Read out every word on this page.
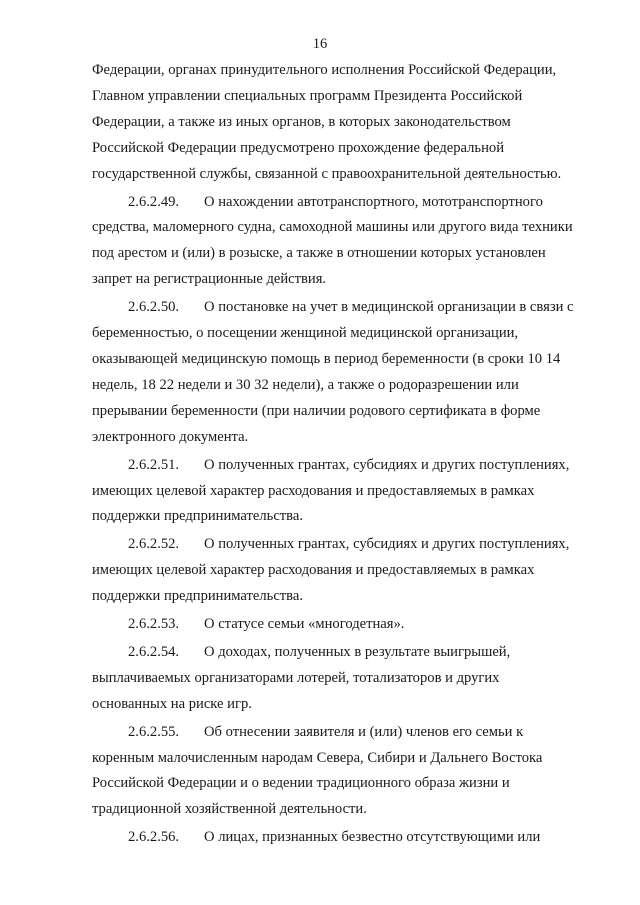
16

Федерации, органах принудительного исполнения Российской Федерации,

Главном управлении специальных программ Президента Российской

Федерации, а также из иных органов, в которых законодательством

Российской Федерации предусмотрено прохождение федеральной

государственной службы, связанной с правоохранительной деятельностью.

2.6.2.49. О нахождении автотранспортного, мототранспортного

средства, маломерного судна, самоходной машины или другого вида техники

под арестом и (или) в розыске, а также в отношении которых установлен

запрет на регистрационные действия.

2.6.2.50. О постановке на учет в медицинской организации в связи с

беременностью, о посещении женщиной медицинской организации,

оказывающей медицинскую помощь в период беременности (в сроки 10 14

недель, 18 22 недели и 30 32 недели), а также о родоразрешении или

прерывании беременности (при наличии родового сертификата в форме

электронного документа.

2.6.2.51. О полученных грантах, субсидиях и других поступлениях,

имеющих целевой характер расходования и предоставляемых в рамках

поддержки предпринимательства.

2.6.2.52. О полученных грантах, субсидиях и других поступлениях,

имеющих целевой характер расходования и предоставляемых в рамках

поддержки предпринимательства.

2.6.2.53. О статусе семьи «многодетная».

2.6.2.54. О доходах, полученных в результате выигрышей,

выплачиваемых организаторами лотерей, тотализаторов и других

основанных на риске игр.

2.6.2.55. Об отнесении заявителя и (или) членов его семьи к

коренным малочисленным народам Севера, Сибири и Дальнего Востока

Российской Федерации и о ведении традиционного образа жизни и

традиционной хозяйственной деятельности.

2.6.2.56. О лицах, признанных безвестно отсутствующими или
